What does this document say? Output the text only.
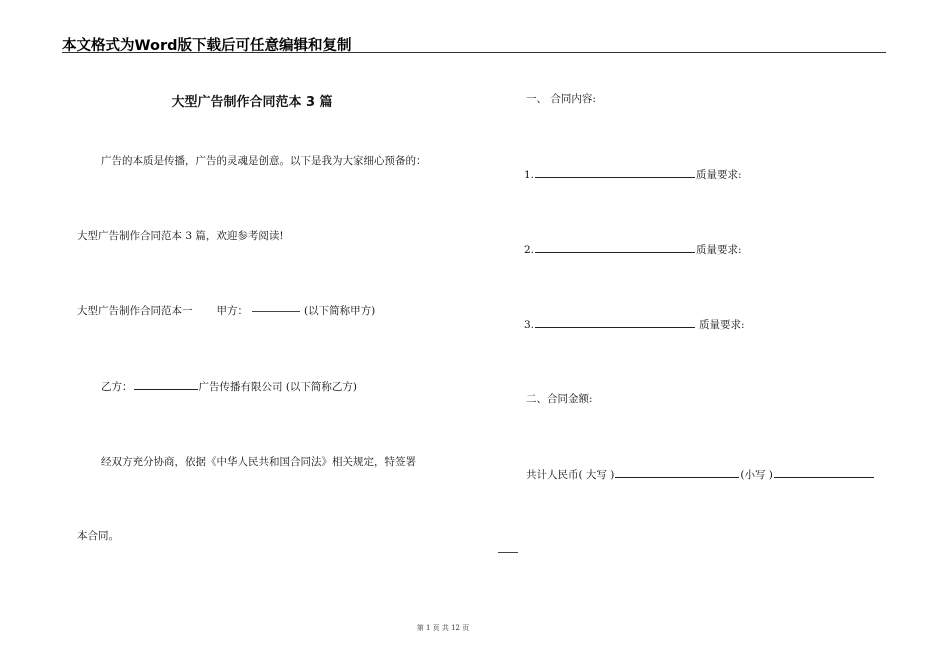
本文格式为Word版下载后可任意编辑和复制
大型广告制作合同范本 3 篇
广告的本质是传播，广告的灵魂是创意。以下是我为大家细心预备的：
大型广告制作合同范本 3 篇，欢迎参考阅读!
大型广告制作合同范本一 甲方：	(以下简称甲方)
乙方：	广告传播有限公司 (以下简称乙方)
经双方充分协商，依据《中华人民共和国合同法》相关规定，特签署
本合同。
一、 合同内容:
1.	质量要求:
2.	质量要求:
3.	质量要求:
二、合同金额:
共计人民币( 大写 )	(小写 )
第 1 页 共 12 页
